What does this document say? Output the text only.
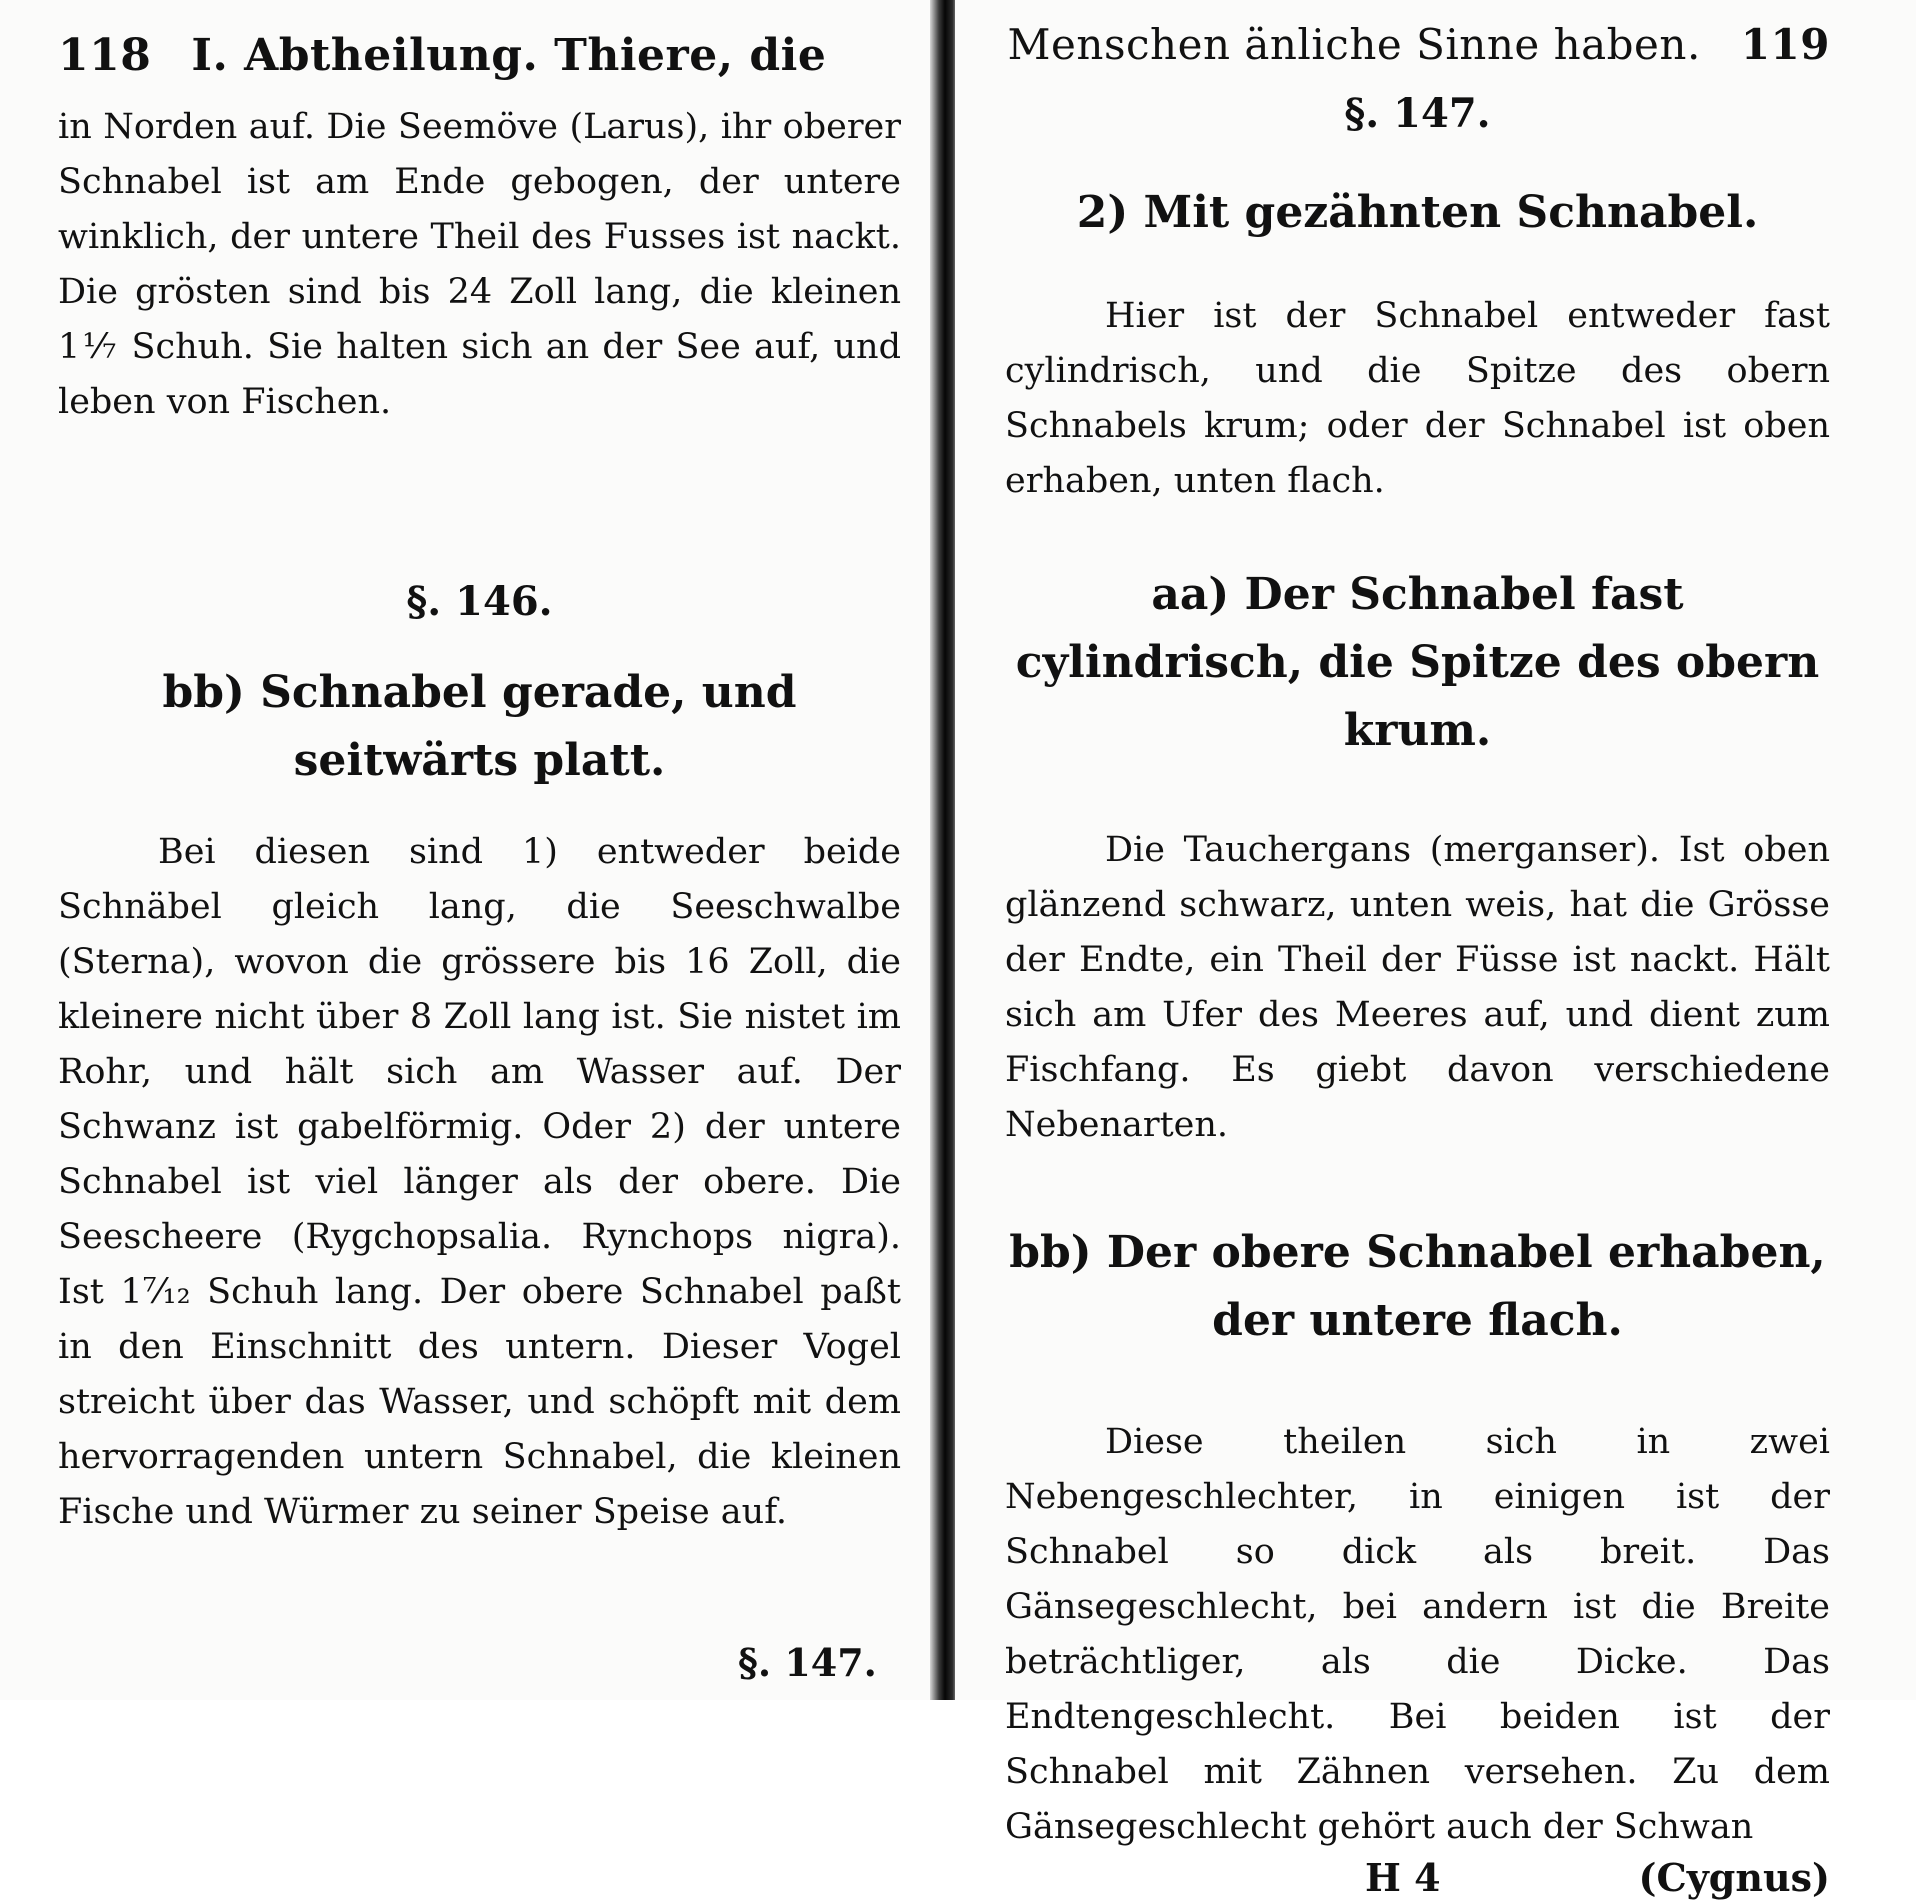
118 I. Abtheilung. Thiere, die

in Norden auf. Die Seemöve (Larus), ihr oberer Schnabel ist am Ende gebogen, der untere winklich, der untere Theil des Fusses ist nackt. Die grösten sind bis 24 Zoll lang, die kleinen 1⅐ Schuh. Sie halten sich an der See auf, und leben von Fischen.

§. 146.

bb) Schnabel gerade, und seitwärts platt.

Bei diesen sind 1) entweder beide Schnäbel gleich lang, die Seeschwalbe (Sterna), wovon die grössere bis 16 Zoll, die kleinere nicht über 8 Zoll lang ist. Sie nistet im Rohr, und hält sich am Wasser auf. Der Schwanz ist gabelförmig. Oder 2) der untere Schnabel ist viel länger als der obere. Die Seescheere (Rygchopsalia. Rynchops nigra). Ist 1⁷⁄₁₂ Schuh lang. Der obere Schnabel paßt in den Einschnitt des untern. Dieser Vogel streicht über das Wasser, und schöpft mit dem hervorragenden untern Schnabel, die kleinen Fische und Würmer zu seiner Speise auf.

§. 147.
Menschen änliche Sinne haben. 119

§. 147.

2) Mit gezähnten Schnabel.

Hier ist der Schnabel entweder fast cylindrisch, und die Spitze des obern Schnabels krum; oder der Schnabel ist oben erhaben, unten flach.

aa) Der Schnabel fast cylindrisch, die Spitze des obern krum.

Die Tauchergans (merganser). Ist oben glänzend schwarz, unten weis, hat die Grösse der Endte, ein Theil der Füsse ist nackt. Hält sich am Ufer des Meeres auf, und dient zum Fischfang. Es giebt davon verschiedene Nebenarten.

bb) Der obere Schnabel erhaben, der untere flach.

Diese theilen sich in zwei Nebengeschlechter, in einigen ist der Schnabel so dick als breit. Das Gänsegeschlecht, bei andern ist die Breite beträchtliger, als die Dicke. Das Endtengeschlecht. Bei beiden ist der Schnabel mit Zähnen versehen. Zu dem Gänsegeschlecht gehört auch der Schwan

H 4	(Cygnus)
